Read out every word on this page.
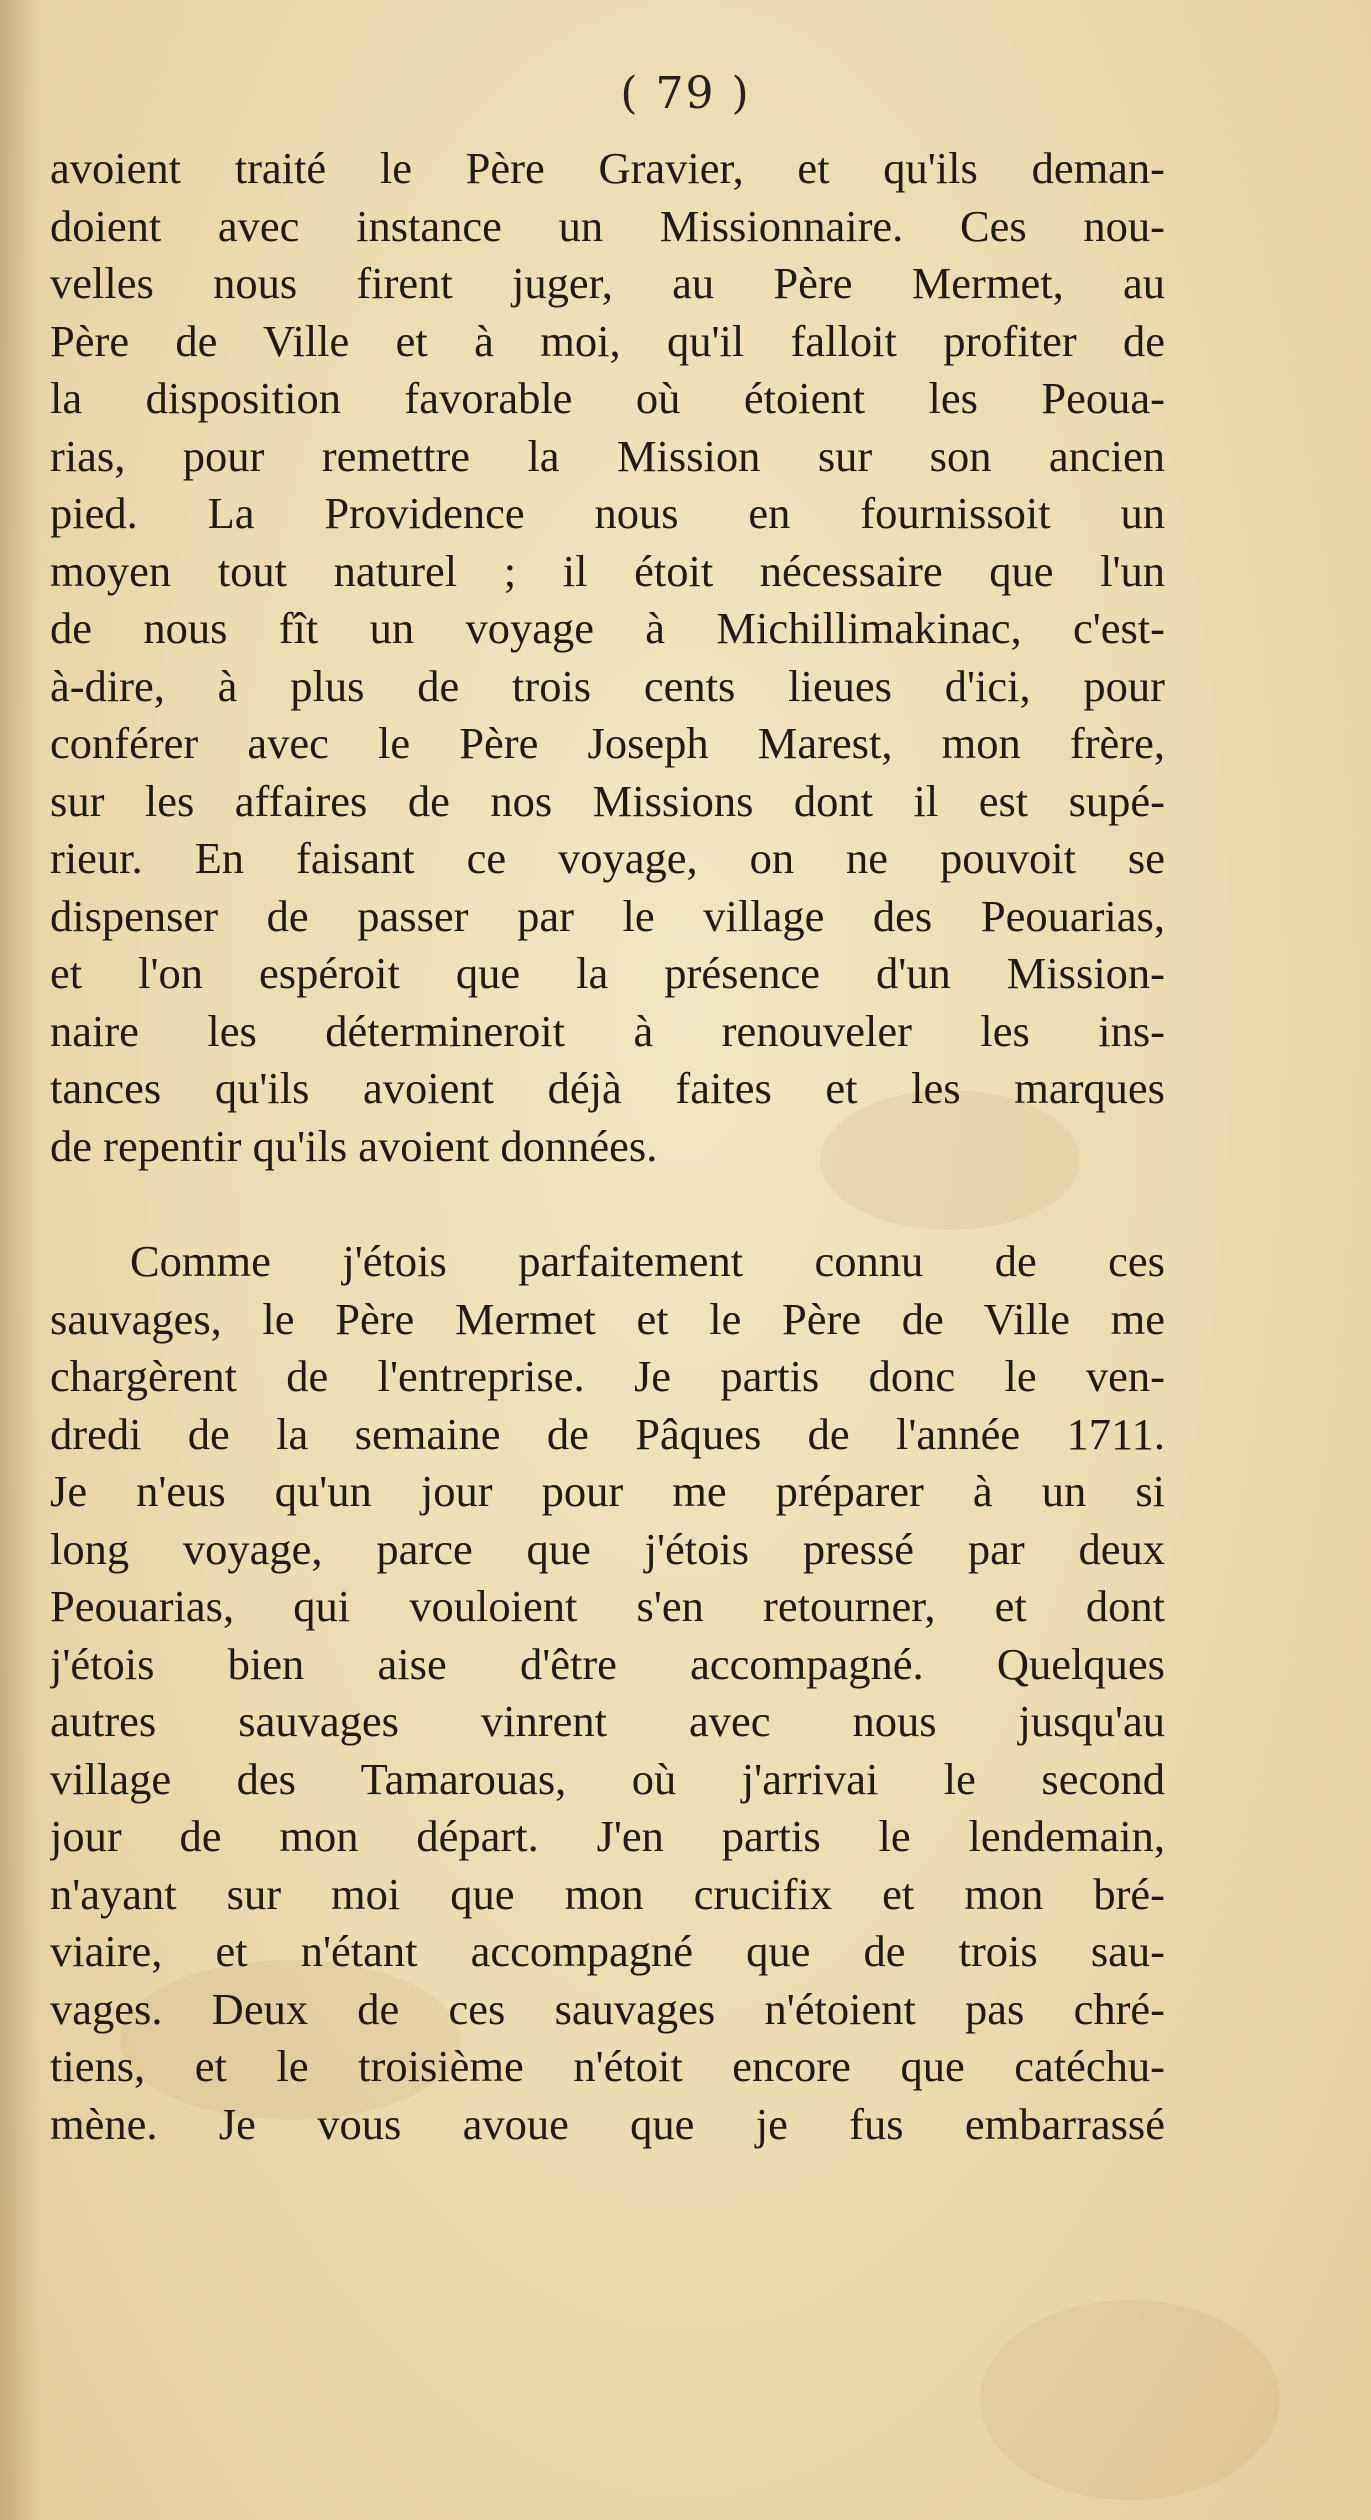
( 79 )
avoient traité le Père Gravier, et qu'ils deman-
doient avec instance un Missionnaire. Ces nou-
velles nous firent juger, au Père Mermet, au
Père de Ville et à moi, qu'il falloit profiter de
la disposition favorable où étoient les Peoua-
rias, pour remettre la Mission sur son ancien
pied. La Providence nous en fournissoit un
moyen tout naturel ; il étoit nécessaire que l'un
de nous fît un voyage à Michillimakinac, c'est-
à-dire, à plus de trois cents lieues d'ici, pour
conférer avec le Père Joseph Marest, mon frère,
sur les affaires de nos Missions dont il est supé-
rieur. En faisant ce voyage, on ne pouvoit se
dispenser de passer par le village des Peouarias,
et l'on espéroit que la présence d'un Mission-
naire les détermineroit à renouveler les ins-
tances qu'ils avoient déjà faites et les marques
de repentir qu'ils avoient données.
Comme j'étois parfaitement connu de ces
sauvages, le Père Mermet et le Père de Ville me
chargèrent de l'entreprise. Je partis donc le ven-
dredi de la semaine de Pâques de l'année 1711.
Je n'eus qu'un jour pour me préparer à un si
long voyage, parce que j'étois pressé par deux
Peouarias, qui vouloient s'en retourner, et dont
j'étois bien aise d'être accompagné. Quelques
autres sauvages vinrent avec nous jusqu'au
village des Tamarouas, où j'arrivai le second
jour de mon départ. J'en partis le lendemain,
n'ayant sur moi que mon crucifix et mon bré-
viaire, et n'étant accompagné que de trois sau-
vages. Deux de ces sauvages n'étoient pas chré-
tiens, et le troisième n'étoit encore que catéchu-
mène. Je vous avoue que je fus embarrassé
